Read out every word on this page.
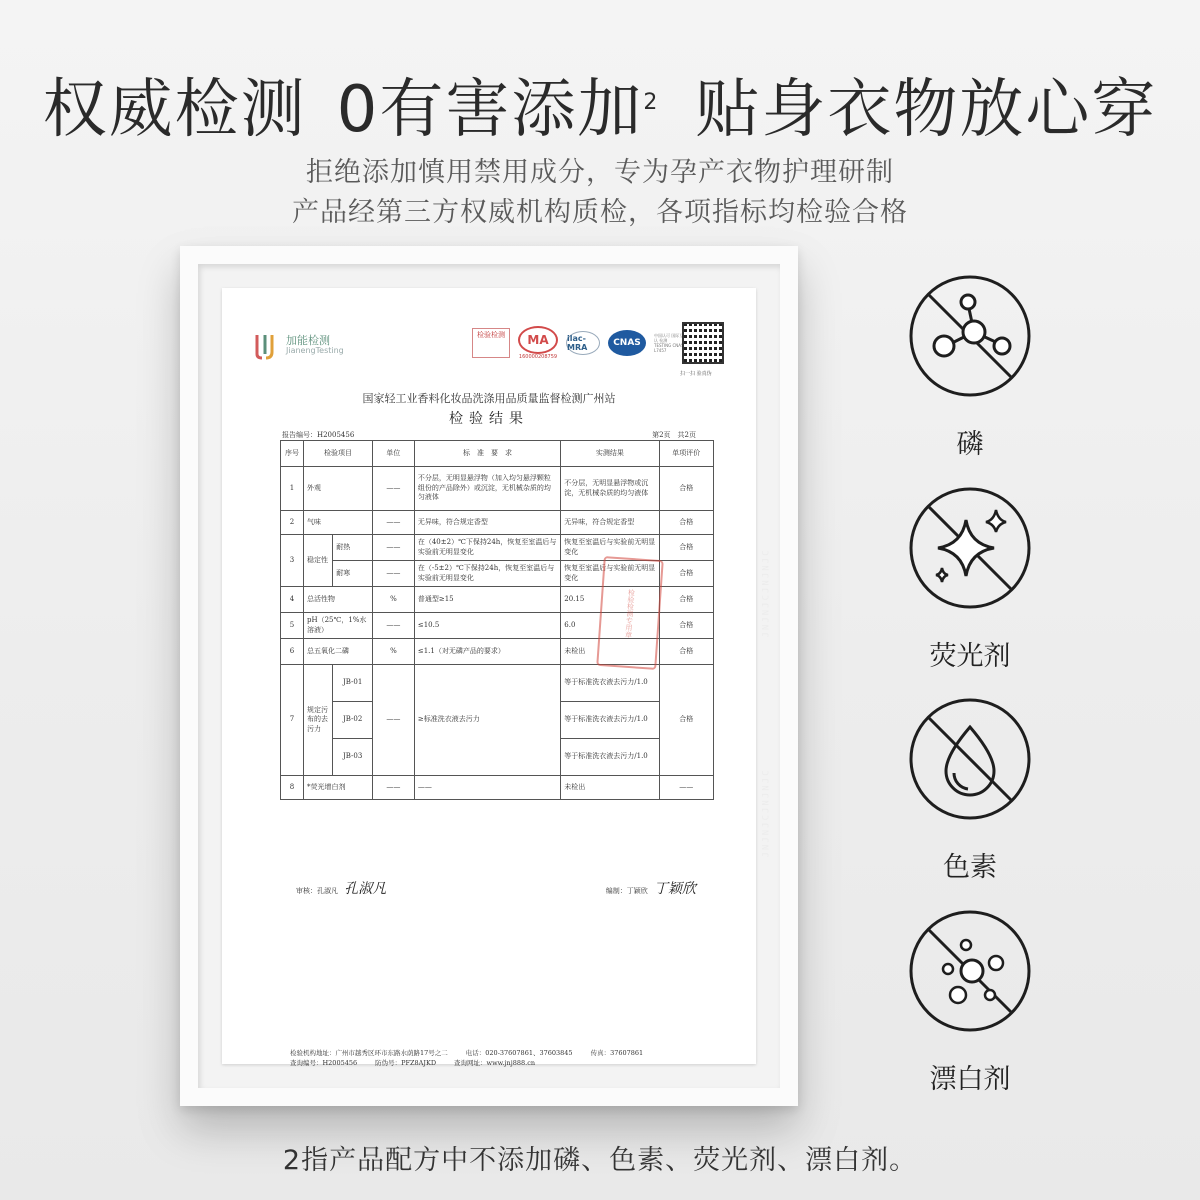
权威检测 0有害添加$^2$ 贴身衣物放心穿
拒绝添加慎用禁用成分，专为孕产衣物护理研制
产品经第三方权威机构质检，各项指标均检验合格
JNJNJCJNJNJC
JNJNJCJNJNJC
加能检测
JianengTesting
检验检测	MA
160000208759
ilac-MRA	CNAS
中国认可 国际互认 检测 TESTING CNAS L7457
扫一扫 验真伪
国家轻工业香料化妆品洗涤用品质量监督检测广州站
检验结果
报告编号：H2005456	第2页　共2页
序号	检验项目		单位	标　准　要　求	实测结果	单项评价
1	外观		——	不分层，无明显悬浮物（加入均匀悬浮颗粒组份的产品除外）或沉淀，无机械杂质的均匀液体	不分层，无明显悬浮物或沉淀，无机械杂质的均匀液体	合格
2	气味		——	无异味，符合规定香型	无异味，符合规定香型	合格
3	稳定性	耐热	——	在（40±2）℃下保持24h，恢复至室温后与实验前无明显变化	恢复至室温后与实验前无明显变化	合格
		耐寒	——	在（-5±2）℃下保持24h，恢复至室温后与实验前无明显变化	恢复至室温后与实验前无明显变化	合格
4	总活性物		%	普通型≥15	20.15	合格
5	pH（25℃，1%水溶液）		——	≤10.5	6.0	合格
6	总五氧化二磷		%	≤1.1（对无磷产品的要求）	未检出	合格
7	规定污布的去污力	JB-01	——	≥标准洗衣液去污力	等于标准洗衣液去污力/1.0	合格
		JB-02			等于标准洗衣液去污力/1.0	
		JB-03			等于标准洗衣液去污力/1.0	
8	*荧光增白剂		——	——	未检出	——
检验检测专用章
审核：孔淑凡 孔淑凡	编制：丁颖欣 丁颖欣
检验机构地址：广州市越秀区环市东路水荫路17号之二	电话：020-37607861、37603845	传真：37607861
查询编号：H2005456	防伪号：PFZ8AJKD	查询网址：www.jnj888.cn
磷
荧光剂
色素
漂白剂
2指产品配方中不添加磷、色素、荧光剂、漂白剂。
